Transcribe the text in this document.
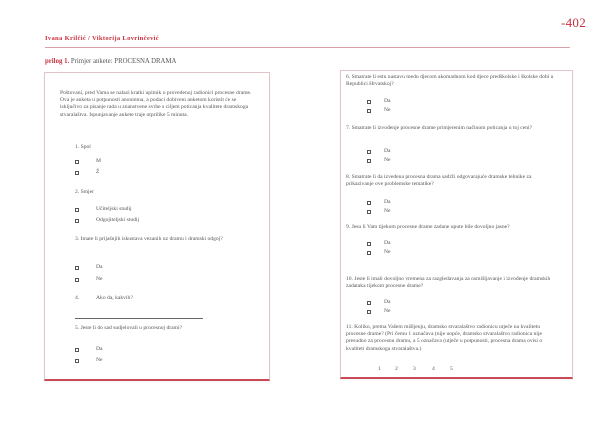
-402
Ivana Krilčić / Viktorija Lovrinčević
prilog 1. Primjer ankete: PROCESNA DRAMA
Poštovani, pred Vama se nalazi kratki upitnik o provedenoj radionici procesne drame. Ova je anketa u potpunosti anonimna, a podaci dobiveni anketom koristit će se isključivo za pisanje rada u znanstvene svrhe s ciljem poticanja kvalitete dramskoga stvaralaštva. Ispunjavanje ankete traje otprilike 5 minuta.
1. Spol
M
Ž
2. Smjer
Učiteljski studij
Odgojiteljski studij
3. Imate li prijašnjih iskustava vezanih uz dramu i dramski odgoj?
Da
Ne
4.	Ako da, kakvih?
5. Jeste li do sad sudjelovali u procesnoj drami?
Da
Ne
6. Smatrate li estu nastavu medu djecom akomadnom kod djece predškolske i školske dobi u Republici Hrvatskoj?
Da
Ne
7. Smatrate li izvođenje procesne drame primjerenim načinom poticanja u toj ceni?
Da
Ne
8. Smatrate li da izvedena procesna drama sadrži odgovarajuće dramske tehnike za prikazivanje ove problemske tematike?
Da
Ne
9. Jesu li Vam tijekom procesne drame zadane upute bile dovoljno jasne?
Da
Ne
10. Jeste li imali dovoljno vremena za razgledavanja za osmišljavanje i izvođenje dramskih zadataka tijekom procesne drame?
Da
Ne
11. Koliko, prema Vašem mišljenju, dramsko stvaralaštvo radionicu utječe na kvalitetu procesne drame? (Pri čemu 1 označava (nije uopće, dramsko stvaralaštvo radionica nije presudno za procesnu dramu, a 5 označava (utječe u potpunosti, procesna drama ovisi o kvaliteti dramskoga stvaralaštva.)
1	2	3	4	5
